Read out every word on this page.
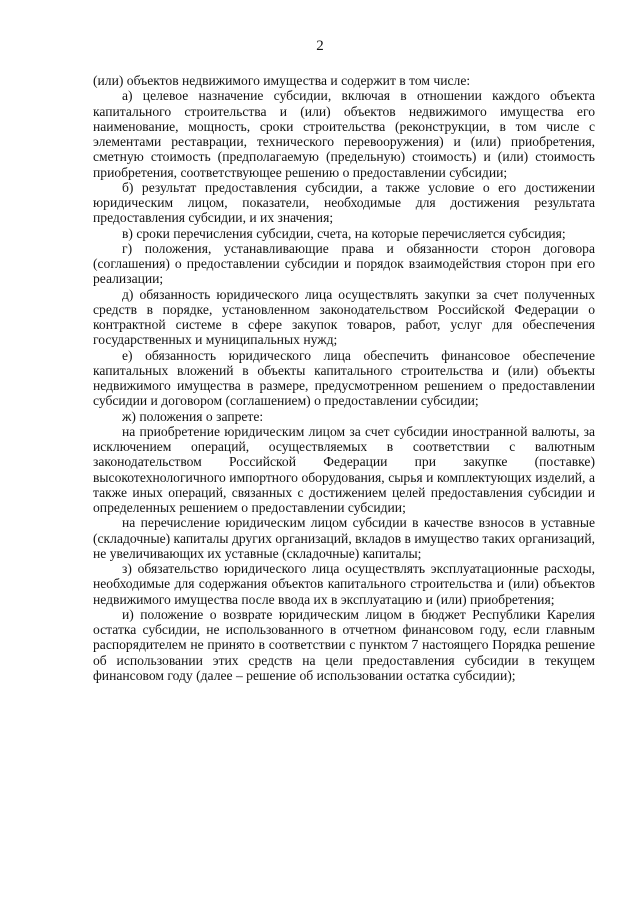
2

(или) объектов недвижимого имущества и содержит в том числе:

а) целевое назначение субсидии, включая в отношении каждого объекта капитального строительства и (или) объектов недвижимого имущества его наименование, мощность, сроки строительства (реконструкции, в том числе с элементами реставрации, технического перевооружения) и (или) приобретения, сметную стоимость (предполагаемую (предельную) стоимость) и (или) стоимость приобретения, соответствующее решению о предоставлении субсидии;

б) результат предоставления субсидии, а также условие о его достижении юридическим лицом, показатели, необходимые для достижения результата предоставления субсидии, и их значения;

в) сроки перечисления субсидии, счета, на которые перечисляется субсидия;

г) положения, устанавливающие права и обязанности сторон договора (соглашения) о предоставлении субсидии и порядок взаимодействия сторон при его реализации;

д) обязанность юридического лица осуществлять закупки за счет полученных средств в порядке, установленном законодательством Российской Федерации о контрактной системе в сфере закупок товаров, работ, услуг для обеспечения государственных и муниципальных нужд;

е) обязанность юридического лица обеспечить финансовое обеспечение капитальных вложений в объекты капитального строительства и (или) объекты недвижимого имущества в размере, предусмотренном решением о предоставлении субсидии и договором (соглашением) о предоставлении субсидии;

ж) положения о запрете:

на приобретение юридическим лицом за счет субсидии иностранной валюты, за исключением операций, осуществляемых в соответствии с валютным законодательством Российской Федерации при закупке (поставке) высокотехнологичного импортного оборудования, сырья и комплектующих изделий, а также иных операций, связанных с достижением целей предоставления субсидии и определенных решением о предоставлении субсидии;

на перечисление юридическим лицом субсидии в качестве взносов в уставные (складочные) капиталы других организаций, вкладов в имущество таких организаций, не увеличивающих их уставные (складочные) капиталы;

з) обязательство юридического лица осуществлять эксплуатационные расходы, необходимые для содержания объектов капитального строительства и (или) объектов недвижимого имущества после ввода их в эксплуатацию и (или) приобретения;

и) положение о возврате юридическим лицом в бюджет Республики Карелия остатка субсидии, не использованного в отчетном финансовом году, если главным распорядителем не принято в соответствии с пунктом 7 настоящего Порядка решение об использовании этих средств на цели предоставления субсидии в текущем финансовом году (далее – решение об использовании остатка субсидии);
